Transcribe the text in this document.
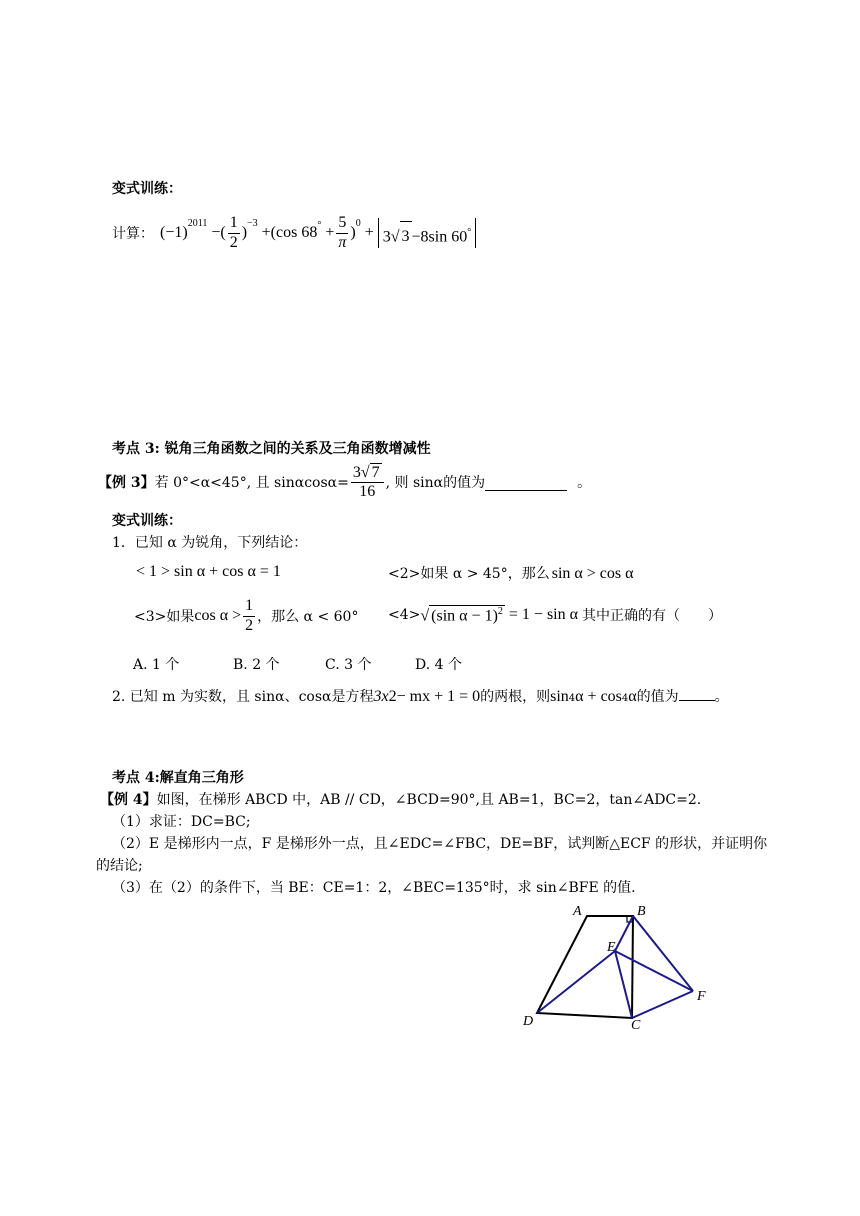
变式训练：
计算： (−1)
$^{2011}$
−( $\frac{1}{2}$ )
$^{-3}$
+(cos $68^\circ + \frac{5}{\pi}$ )
$^0$
+ 3√ 3 −8sin 60°
考点 3: 锐角三角函数之间的关系及三角函数增减性
【例 3】 若 0°<α<45°, 且 $\sin\alpha\cos\alpha= \frac{3√ 7}{16}$ , 则 sinα的值为	。
变式训练：
1．已知 α 为锐角，下列结论：
< 1 > sin α + cos α = 1	<2>如果 α > 45°，那么 sin α > cos α
<3>如果 $\cos \alpha > \frac{1}{2}$ ，那么 α < 60° <4> √ (sin α − 1)$^2$ = 1 − sin α 其中正确的有（　　）
A. 1 个	B. 2 个	C. 3 个	D. 4 个
2. 已知 m 为实数，且 sinα、cosα是方程 3x 2 − mx + 1 = 0 的两根，则 sin 4 α + cos 4 α 的值为	。
考点 4:解直角三角形
【例 4】如图，在梯形 ABCD 中，AB // CD，∠BCD=90°,且 AB=1，BC=2，tan∠ADC=2.
（1）求证：DC=BC;
（2）E 是梯形内一点，F 是梯形外一点，且∠EDC=∠FBC，DE=BF，试判断△ECF 的形状，并证明你
的结论;
（3）在（2）的条件下，当 BE：CE=1：2，∠BEC=135°时，求 sin∠BFE 的值.
A	B
E
F
D	C
